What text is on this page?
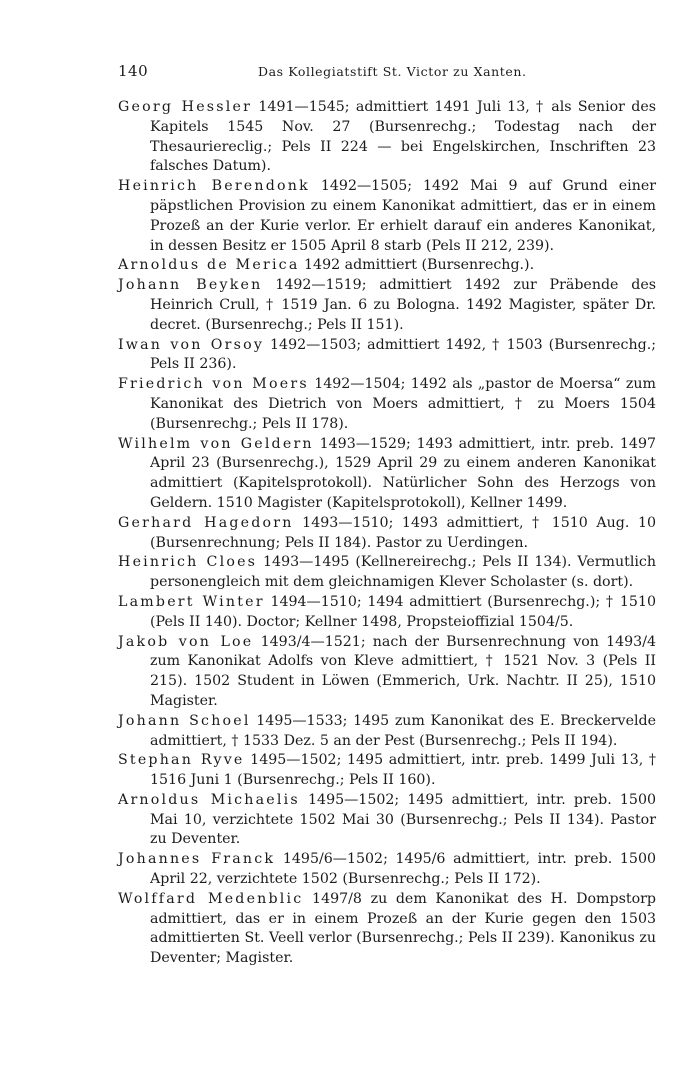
140	Das Kollegiatstift St. Victor zu Xanten.

Georg Hessler 1491—1545; admittiert 1491 Juli 13, † als Senior des Kapitels 1545 Nov. 27 (Bursenrechg.; Todestag nach der Thesauriereclig.; Pels II 224 — bei Engelskirchen, Inschriften 23 falsches Datum).

Heinrich Berendonk 1492—1505; 1492 Mai 9 auf Grund einer päpstlichen Provision zu einem Kanonikat admittiert, das er in einem Prozeß an der Kurie verlor. Er erhielt darauf ein anderes Kanonikat, in dessen Besitz er 1505 April 8 starb (Pels II 212, 239).

Arnoldus de Merica 1492 admittiert (Bursenrechg.).

Johann Beyken 1492—1519; admittiert 1492 zur Präbende des Heinrich Crull, † 1519 Jan. 6 zu Bologna. 1492 Magister, später Dr. decret. (Bursenrechg.; Pels II 151).

Iwan von Orsoy 1492—1503; admittiert 1492, † 1503 (Bursenrechg.; Pels II 236).

Friedrich von Moers 1492—1504; 1492 als „pastor de Moersa“ zum Kanonikat des Dietrich von Moers admittiert, † zu Moers 1504 (Bursenrechg.; Pels II 178).

Wilhelm von Geldern 1493—1529; 1493 admittiert, intr. preb. 1497 April 23 (Bursenrechg.), 1529 April 29 zu einem anderen Kanonikat admittiert (Kapitelsprotokoll). Natürlicher Sohn des Herzogs von Geldern. 1510 Magister (Kapitelsprotokoll), Kellner 1499.

Gerhard Hagedorn 1493—1510; 1493 admittiert, † 1510 Aug. 10 (Bursenrechnung; Pels II 184). Pastor zu Uerdingen.

Heinrich Cloes 1493—1495 (Kellnereirechg.; Pels II 134). Vermutlich personengleich mit dem gleichnamigen Klever Scholaster (s. dort).

Lambert Winter 1494—1510; 1494 admittiert (Bursenrechg.); † 1510 (Pels II 140). Doctor; Kellner 1498, Propsteioffizial 1504/5.

Jakob von Loe 1493/4—1521; nach der Bursenrechnung von 1493/4 zum Kanonikat Adolfs von Kleve admittiert, † 1521 Nov. 3 (Pels II 215). 1502 Student in Löwen (Emmerich, Urk. Nachtr. II 25), 1510 Magister.

Johann Schoel 1495—1533; 1495 zum Kanonikat des E. Breckervelde admittiert, † 1533 Dez. 5 an der Pest (Bursenrechg.; Pels II 194).

Stephan Ryve 1495—1502; 1495 admittiert, intr. preb. 1499 Juli 13, † 1516 Juni 1 (Bursenrechg.; Pels II 160).

Arnoldus Michaelis 1495—1502; 1495 admittiert, intr. preb. 1500 Mai 10, verzichtete 1502 Mai 30 (Bursenrechg.; Pels II 134). Pastor zu Deventer.

Johannes Franck 1495/6—1502; 1495/6 admittiert, intr. preb. 1500 April 22, verzichtete 1502 (Bursenrechg.; Pels II 172).

Wolffard Medenblic 1497/8 zu dem Kanonikat des H. Dompstorp admittiert, das er in einem Prozeß an der Kurie gegen den 1503 admittierten St. Veell verlor (Bursenrechg.; Pels II 239). Kanonikus zu Deventer; Magister.
